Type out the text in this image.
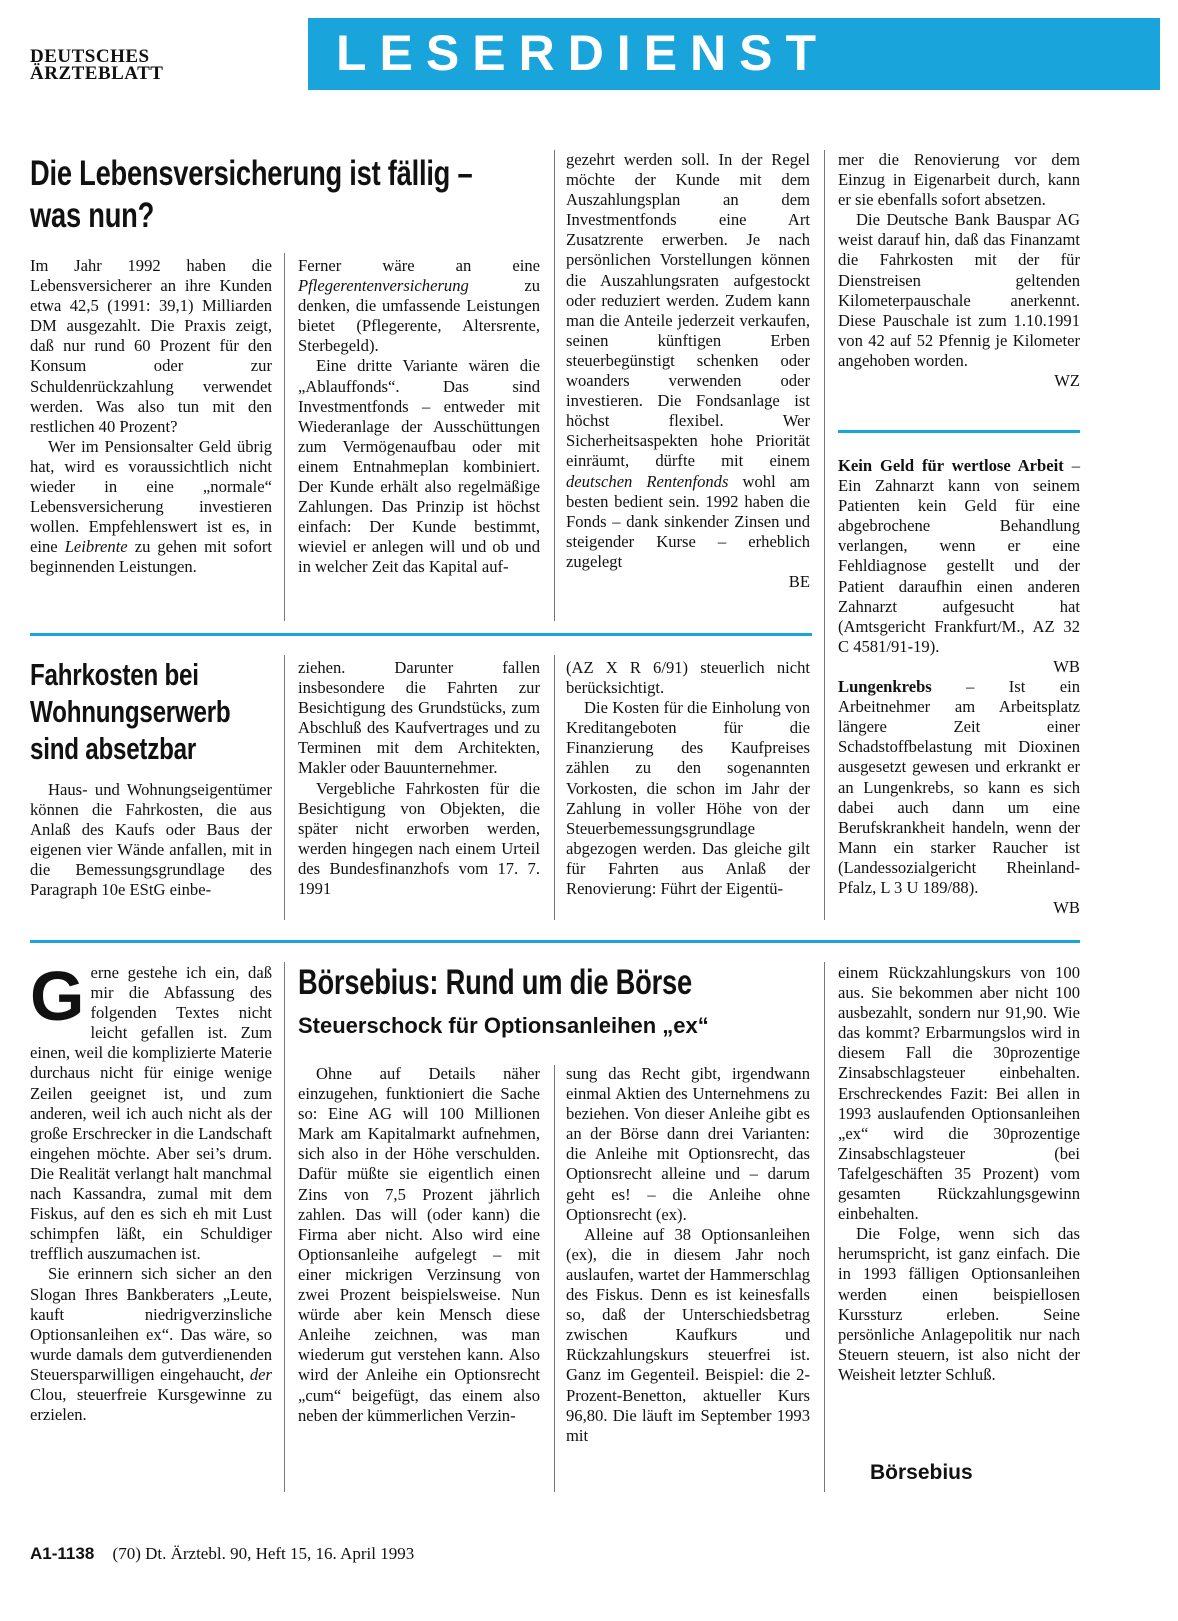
DEUTSCHES
ÄRZTEBLATT	LESERDIENST
Die Lebensversicherung ist fällig –
was nun?

Im Jahr 1992 haben die Lebensversicherer an ihre Kunden etwa 42,5 (1991: 39,1) Milliarden DM ausgezahlt. Die Praxis zeigt, daß nur rund 60 Prozent für den Konsum oder zur Schuldenrückzahlung verwendet werden. Was also tun mit den restlichen 40 Prozent?

Wer im Pensionsalter Geld übrig hat, wird es voraussichtlich nicht wieder in eine „normale“ Lebensversicherung investieren wollen. Empfehlenswert ist es, in eine Leibrente zu gehen mit sofort beginnenden Leistungen.

Ferner wäre an eine Pflegerentenversicherung	zu denken, die umfassende Leistungen bietet (Pflegerente, Altersrente, Sterbegeld).

Eine dritte Variante wären die „Ablauffonds“. Das sind Investmentfonds – entweder mit Wiederanlage der Ausschüttungen zum Vermögenaufbau oder mit einem Entnahmeplan kombiniert. Der Kunde erhält also regelmäßige Zahlungen. Das Prinzip ist höchst einfach: Der Kunde bestimmt, wieviel er anlegen will und ob und in welcher Zeit das Kapital auf-

gezehrt werden soll. In der Regel möchte der Kunde mit dem Auszahlungsplan an dem Investmentfonds eine Art Zusatzrente erwerben. Je nach persönlichen Vorstellungen können die Auszahlungsraten aufgestockt oder reduziert werden. Zudem kann man die Anteile jederzeit verkaufen, seinen künftigen Erben steuerbegünstigt schenken oder woanders verwenden oder investieren. Die Fondsanlage ist höchst flexibel. Wer Sicherheitsaspekten hohe Priorität einräumt, dürfte mit einem deutschen Rentenfonds wohl am besten bedient sein. 1992 haben die Fonds – dank sinkender Zinsen und steigender Kurse – erheblich zugelegt

BE

mer die Renovierung vor dem Einzug in Eigenarbeit durch, kann er sie ebenfalls sofort absetzen.

Die Deutsche Bank Bauspar AG weist darauf hin, daß das Finanzamt die Fahrkosten mit der für Dienstreisen geltenden Kilometerpauschale anerkennt. Diese Pauschale ist zum 1.10.1991 von 42 auf 52 Pfennig je Kilometer angehoben worden.

WZ

Kein Geld für wertlose Arbeit – Ein Zahnarzt kann von seinem Patienten kein Geld für eine abgebrochene Behandlung verlangen, wenn er eine Fehldiagnose gestellt und der Patient daraufhin einen anderen Zahnarzt aufgesucht hat (Amtsgericht Frankfurt/M., AZ 32 C 4581/91-19).

WB

Lungenkrebs – Ist ein Arbeitnehmer am Arbeitsplatz längere Zeit einer Schadstoffbelastung mit Dioxinen ausgesetzt gewesen und erkrankt er an Lungenkrebs, so kann es sich dabei auch dann um eine Berufskrankheit handeln, wenn der Mann ein starker Raucher ist (Landessozialgericht Rheinland-Pfalz, L 3 U 189/88).

WB

Fahrkosten bei
Wohnungserwerb
sind absetzbar

Haus- und Wohnungseigentümer können die Fahrkosten, die aus Anlaß des Kaufs oder Baus der eigenen vier Wände anfallen, mit in die Bemessungsgrundlage des Paragraph 10e EStG einbe-

ziehen. Darunter fallen insbesondere die Fahrten zur Besichtigung des Grundstücks, zum Abschluß des Kaufvertrages und zu Terminen mit dem Architekten, Makler oder Bauunternehmer.

Vergebliche Fahrkosten für die Besichtigung von Objekten, die später nicht erworben werden, werden hingegen nach einem Urteil des Bundesfinanzhofs vom 17. 7. 1991

(AZ X R 6/91) steuerlich nicht berücksichtigt.

Die Kosten für die Einholung von Kreditangeboten für die Finanzierung des Kaufpreises zählen zu den sogenannten Vorkosten, die schon im Jahr der Zahlung in voller Höhe von der Steuerbemessungsgrundlage abgezogen werden. Das gleiche gilt für Fahrten aus Anlaß der Renovierung: Führt der Eigentü-

Gerne gestehe ich ein, daß mir die Abfassung des folgenden Textes nicht leicht gefallen ist. Zum einen, weil die komplizierte Materie durchaus nicht für einige wenige Zeilen geeignet ist, und zum anderen, weil ich auch nicht als der große Erschrecker in die Landschaft eingehen möchte. Aber sei’s drum. Die Realität verlangt halt manchmal nach Kassandra, zumal mit dem Fiskus, auf den es sich eh mit Lust schimpfen läßt, ein Schuldiger trefflich auszumachen ist.

Sie erinnern sich sicher an den Slogan Ihres Bankberaters „Leute, kauft niedrigverzinsliche Optionsanleihen ex“. Das wäre, so wurde damals dem gutverdienenden Steuersparwilligen eingehaucht, der Clou, steuerfreie Kursgewinne zu erzielen.

Börsebius: Rund um die Börse
Steuerschock für Optionsanleihen „ex“

Ohne auf Details näher einzugehen, funktioniert die Sache so: Eine AG will 100 Millionen Mark am Kapitalmarkt aufnehmen, sich also in der Höhe verschulden. Dafür müßte sie eigentlich einen Zins von 7,5 Prozent jährlich zahlen. Das will (oder kann) die Firma aber nicht. Also wird eine Optionsanleihe aufgelegt – mit einer mickrigen Verzinsung von zwei Prozent beispielsweise. Nun würde aber kein Mensch diese Anleihe zeichnen, was man wiederum gut verstehen kann. Also wird der Anleihe ein Optionsrecht „cum“ beigefügt, das einem also neben der kümmerlichen Verzin-

sung das Recht gibt, irgendwann einmal Aktien des Unternehmens zu beziehen. Von dieser Anleihe gibt es an der Börse dann drei Varianten: die Anleihe mit Optionsrecht, das Optionsrecht alleine und – darum geht es! – die Anleihe ohne Optionsrecht (ex).

Alleine auf 38 Optionsanleihen (ex), die in diesem Jahr noch auslaufen, wartet der Hammerschlag des Fiskus. Denn es ist keinesfalls so, daß der Unterschiedsbetrag zwischen Kaufkurs und Rückzahlungskurs steuerfrei ist. Ganz im Gegenteil. Beispiel: die 2-Prozent-Benetton, aktueller Kurs 96,80. Die läuft im September 1993 mit

einem Rückzahlungskurs von 100 aus. Sie bekommen aber nicht 100 ausbezahlt, sondern nur 91,90. Wie das kommt? Erbarmungslos wird in diesem Fall die 30prozentige Zinsabschlagsteuer einbehalten. Erschreckendes Fazit: Bei allen in 1993 auslaufenden Optionsanleihen „ex“ wird die 30prozentige Zinsabschlagsteuer (bei Tafelgeschäften 35 Prozent) vom gesamten Rückzahlungsgewinn einbehalten.

Die Folge, wenn sich das herumspricht, ist ganz einfach. Die in 1993 fälligen Optionsanleihen werden einen beispiellosen Kurssturz erleben. Seine persönliche Anlagepolitik nur nach Steuern steuern, ist also nicht der Weisheit letzter Schluß.

Börsebius
A1-1138 (70) Dt. Ärztebl. 90, Heft 15, 16. April 1993
